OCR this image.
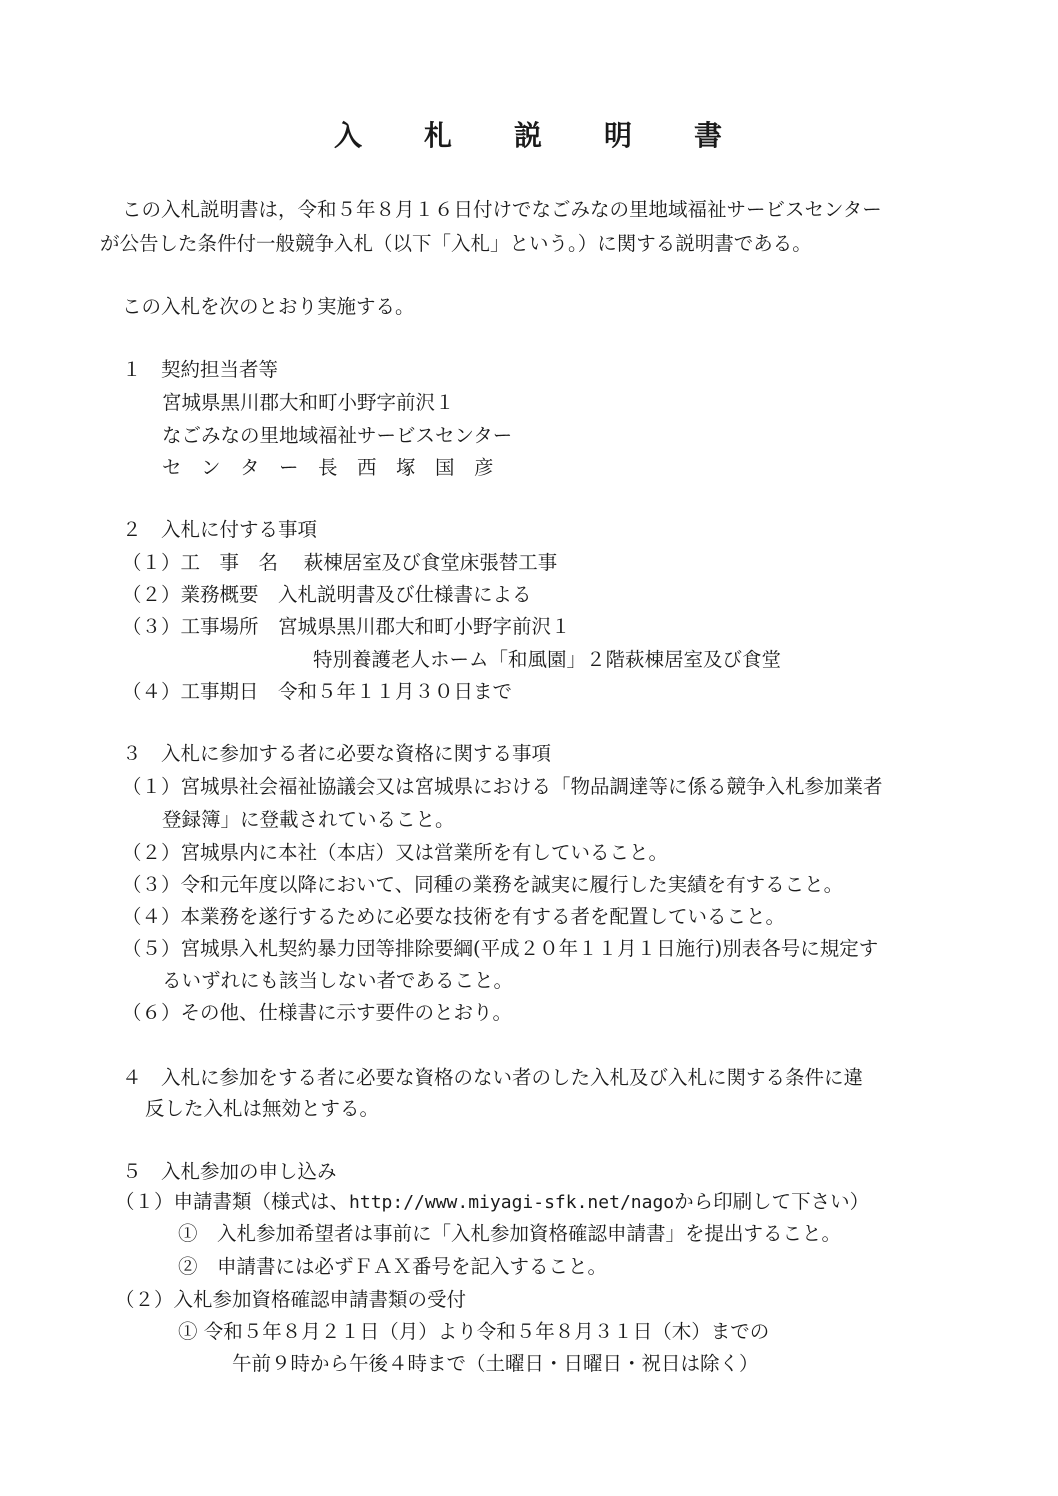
入　　札　　説　　明　　書
この入札説明書は，令和５年８月１６日付けでなごみなの里地域福祉サービスセンター
が公告した条件付一般競争入札（以下「入札」という。）に関する説明書である。
この入札を次のとおり実施する。
１　契約担当者等
宮城県黒川郡大和町小野字前沢１
なごみなの里地域福祉サービスセンター
セ　ン　タ　ー　長　西　塚　国　彦
２　入札に付する事項
（１）工　事　名　 萩棟居室及び食堂床張替工事
（２）業務概要　入札説明書及び仕様書による
（３）工事場所　宮城県黒川郡大和町小野字前沢１
特別養護老人ホーム「和風園」２階萩棟居室及び食堂
（４）工事期日　令和５年１１月３０日まで
３　入札に参加する者に必要な資格に関する事項
（１）宮城県社会福祉協議会又は宮城県における「物品調達等に係る競争入札参加業者
登録簿」に登載されていること。
（２）宮城県内に本社（本店）又は営業所を有していること。
（３）令和元年度以降において、同種の業務を誠実に履行した実績を有すること。
（４）本業務を遂行するために必要な技術を有する者を配置していること。
（５）宮城県入札契約暴力団等排除要綱(平成２０年１１月１日施行)別表各号に規定す
るいずれにも該当しない者であること。
（６）その他、仕様書に示す要件のとおり。
４　入札に参加をする者に必要な資格のない者のした入札及び入札に関する条件に違
反した入札は無効とする。
５　入札参加の申し込み
（１）申請書類（様式は、http://www.miyagi-sfk.net/nagoから印刷して下さい）
①　入札参加希望者は事前に「入札参加資格確認申請書」を提出すること。
②　申請書には必ずＦＡＸ番号を記入すること。
（２）入札参加資格確認申請書類の受付
① 令和５年８月２１日（月）より令和５年８月３１日（木）までの
午前９時から午後４時まで（土曜日・日曜日・祝日は除く）
